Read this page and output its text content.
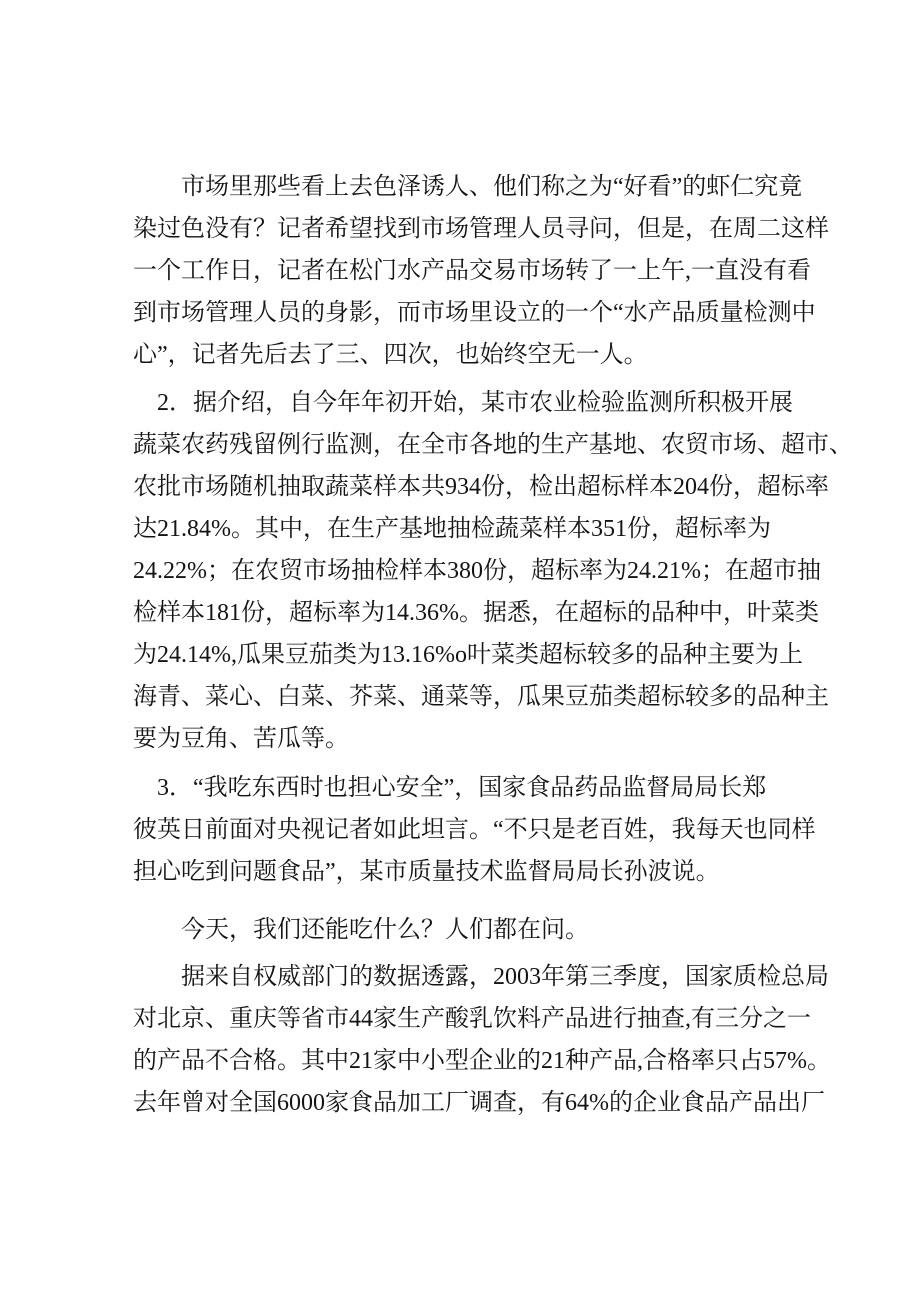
市场里那些看上去色泽诱人、他们称之为“好看”的虾仁究竟
染过色没有？记者希望找到市场管理人员寻问，但是，在周二这样
一个工作日，记者在松门水产品交易市场转了一上午,一直没有看
到市场管理人员的身影，而市场里设立的一个“水产品质量检测中
心”，记者先后去了三、四次，也始终空无一人。
2．据介绍，自今年年初开始，某市农业检验监测所积极开展
蔬菜农药残留例行监测，在全市各地的生产基地、农贸市场、超市、
农批市场随机抽取蔬菜样本共934份，检出超标样本204份，超标率
达21.84%。其中，在生产基地抽检蔬菜样本351份，超标率为
24.22%；在农贸市场抽检样本380份，超标率为24.21%；在超市抽
检样本181份，超标率为14.36%。据悉，在超标的品种中，叶菜类
为24.14%,瓜果豆茄类为13.16%o叶菜类超标较多的品种主要为上
海青、菜心、白菜、芥菜、通菜等，瓜果豆茄类超标较多的品种主
要为豆角、苦瓜等。
3．“我吃东西时也担心安全”，国家食品药品监督局局长郑
彼英日前面对央视记者如此坦言。“不只是老百姓，我每天也同样
担心吃到问题食品”，某市质量技术监督局局长孙波说。
今天，我们还能吃什么？人们都在问。
据来自权威部门的数据透露，2003年第三季度，国家质检总局
对北京、重庆等省市44家生产酸乳饮料产品进行抽查,有三分之一
的产品不合格。其中21家中小型企业的21种产品,合格率只占57%。
去年曾对全国6000家食品加工厂调查，有64%的企业食品产品出厂
